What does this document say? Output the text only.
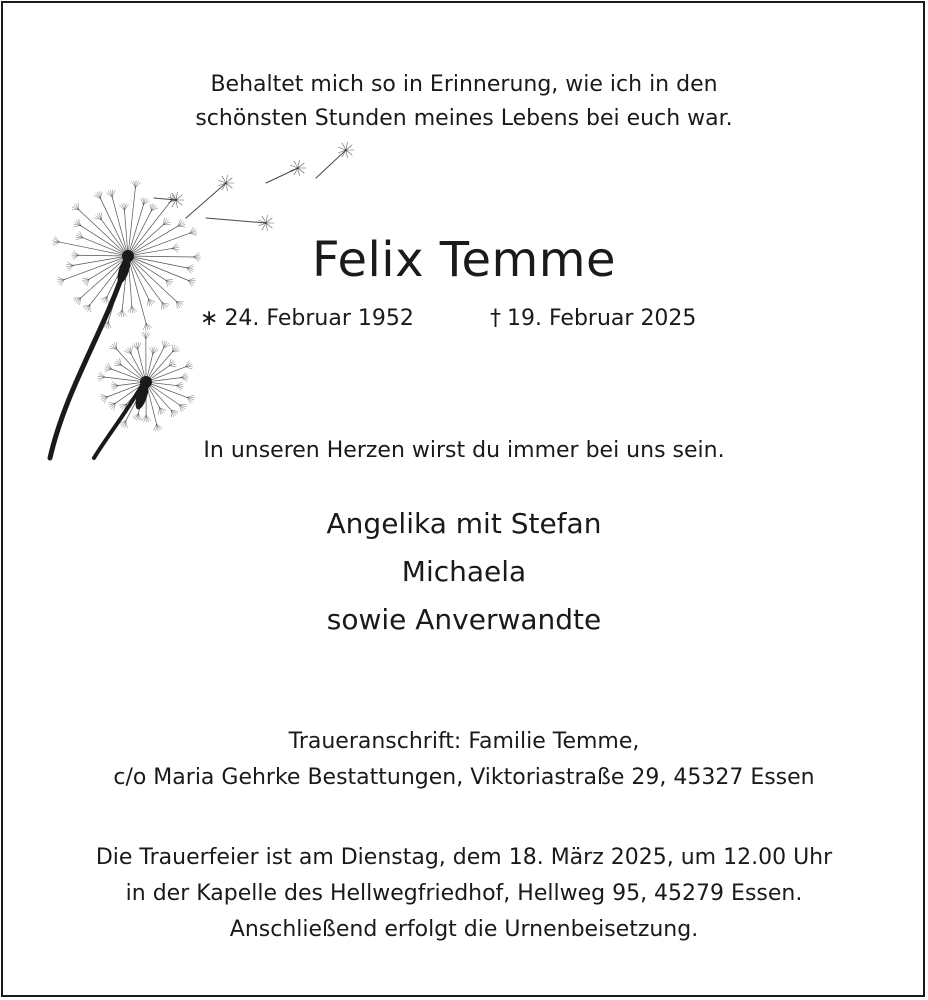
Behaltet mich so in Erinnerung, wie ich in den

schönsten Stunden meines Lebens bei euch war.

Felix Temme
∗ 24. Februar 1952	† 19. Februar 2025

In unseren Herzen wirst du immer bei uns sein.

Angelika mit Stefan

Michaela

sowie Anverwandte

Traueranschrift: Familie Temme,

c/o Maria Gehrke Bestattungen, Viktoriastraße 29, 45327 Essen

Die Trauerfeier ist am Dienstag, dem 18. März 2025, um 12.00 Uhr

in der Kapelle des Hellwegfriedhof, Hellweg 95, 45279 Essen.

Anschließend erfolgt die Urnenbeisetzung.
